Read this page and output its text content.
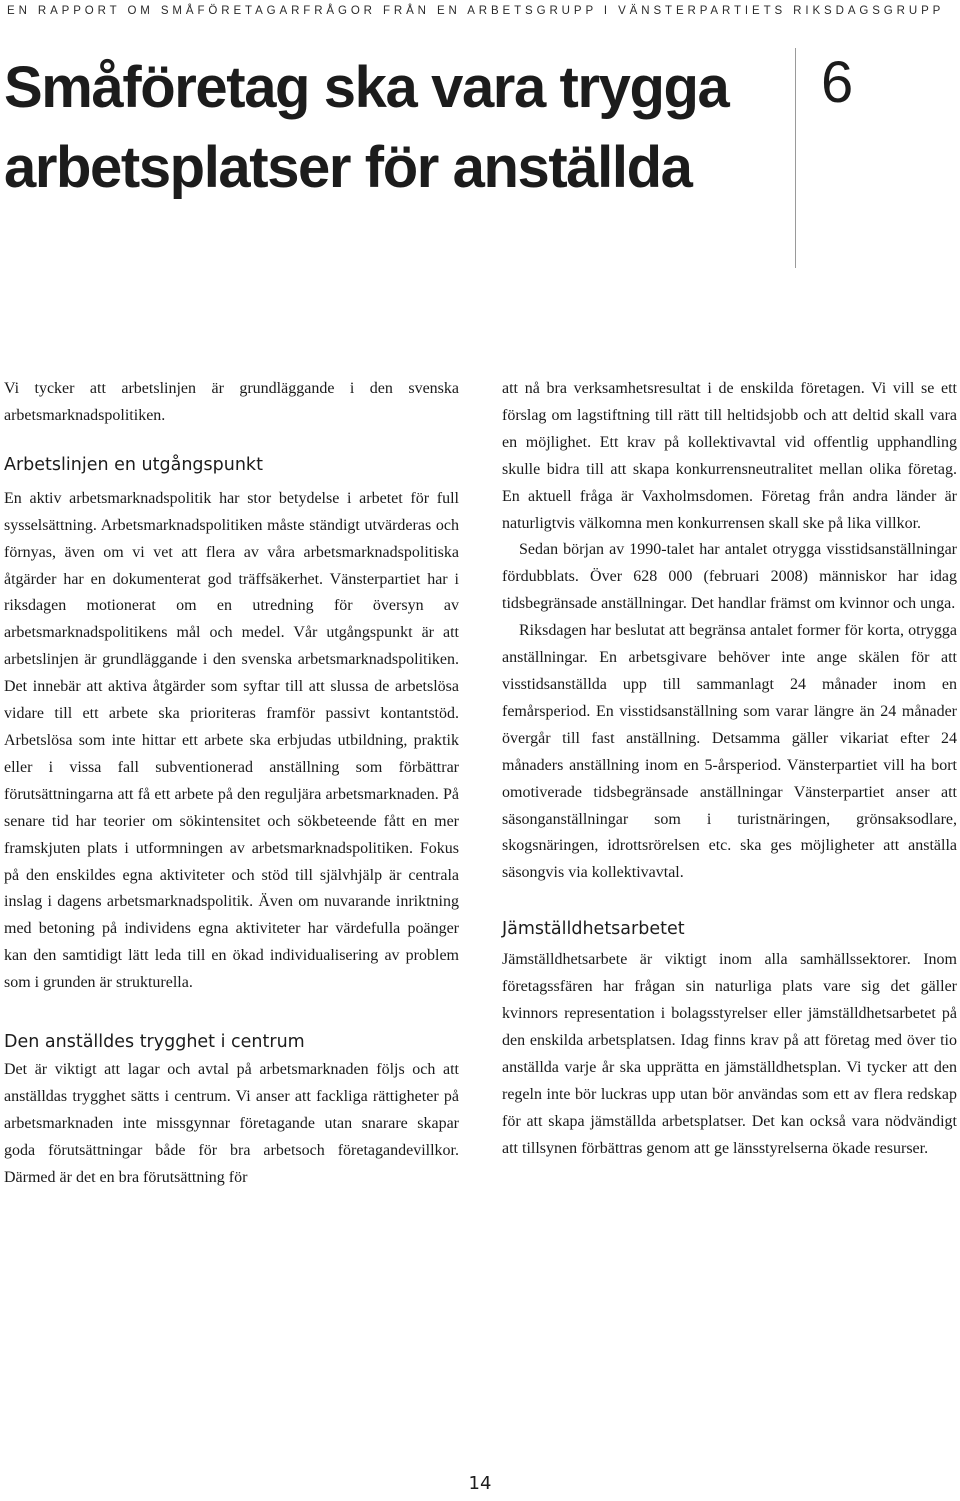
EN RAPPORT OM SMÅFÖRETAGARFRÅGOR FRÅN EN ARBETSGRUPP I VÄNSTERPARTIETS RIKSDAGSGRUPP
Småföretag ska vara trygga
arbetsplatser för anställda
6

Vi tycker att arbetslinjen är grundläggande i den svenska arbetsmarknadspolitiken.

Arbetslinjen en utgångspunkt

En aktiv arbetsmarknadspolitik har stor betydelse i arbetet för full sysselsättning. Arbetsmarknadspolitiken måste ständigt utvärderas och förnyas, även om vi vet att flera av våra arbetsmarknadspolitiska åtgärder har en dokumenterat god träffsäkerhet. Vänsterpartiet har i riksdagen motionerat om en utredning för översyn av arbetsmarknadspolitikens mål och medel. Vår utgångspunkt är att arbetslinjen är grundläggande i den svenska arbetsmarknadspolitiken. Det innebär att aktiva åtgärder som syftar till att slussa de arbetslösa vidare till ett arbete ska prioriteras framför passivt kontantstöd. Arbetslösa som inte hittar ett arbete ska erbjudas utbildning, praktik eller i vissa fall subventionerad anställning som förbättrar förutsättningarna att få ett arbete på den reguljära arbetsmarknaden. På senare tid har teorier om sökintensitet och sökbeteende fått en mer framskjuten plats i utformningen av arbetsmarknadspolitiken. Fokus på den enskildes egna aktiviteter och stöd till självhjälp är centrala inslag i dagens arbetsmarknadspolitik. Även om nuvarande inriktning med betoning på individens egna aktiviteter har värdefulla poänger kan den samtidigt lätt leda till en ökad individualisering av problem som i grunden är strukturella.

Den anställdes trygghet i centrum

Det är viktigt att lagar och avtal på arbetsmarknaden följs och att anställdas trygghet sätts i centrum. Vi anser att fackliga rättigheter på arbetsmarknaden inte missgynnar företagande utan snarare skapar goda förutsättningar både för bra arbetsoch företagandevillkor. Därmed är det en bra förutsättning för

att nå bra verksamhetsresultat i de enskilda företagen. Vi vill se ett förslag om lagstiftning till rätt till heltidsjobb och att deltid skall vara en möjlighet. Ett krav på kollektivavtal vid offentlig upphandling skulle bidra till att skapa konkurrensneutralitet mellan olika företag. En aktuell fråga är Vaxholmsdomen. Företag från andra länder är naturligtvis välkomna men konkurrensen skall ske på lika villkor.

Sedan början av 1990-talet har antalet otrygga visstidsanställningar fördubblats. Över 628 000 (februari 2008) människor har idag tidsbegränsade anställningar. Det handlar främst om kvinnor och unga.

Riksdagen har beslutat att begränsa antalet former för korta, otrygga anställningar. En arbetsgivare behöver inte ange skälen för att visstidsanställda upp till sammanlagt 24 månader inom en femårsperiod. En visstidsanställning som varar längre än 24 månader övergår till fast anställning. Detsamma gäller vikariat efter 24 månaders anställning inom en 5-årsperiod. Vänsterpartiet vill ha bort omotiverade tidsbegränsade anställningar Vänsterpartiet anser att säsonganställningar som i turistnäringen, grönsaksodlare, skogsnäringen, idrottsrörelsen etc. ska ges möjligheter att anställa säsongvis via kollektivavtal.

Jämställdhetsarbetet

Jämställdhetsarbete är viktigt inom alla samhällssektorer. Inom företagssfären har frågan sin naturliga plats vare sig det gäller kvinnors representation i bolagsstyrelser eller jämställdhetsarbetet på den enskilda arbetsplatsen. Idag finns krav på att företag med över tio anställda varje år ska upprätta en jämställdhetsplan. Vi tycker att den regeln inte bör luckras upp utan bör användas som ett av flera redskap för att skapa jämställda arbetsplatser. Det kan också vara nödvändigt att tillsynen förbättras genom att ge länsstyrelserna ökade resurser.

14
